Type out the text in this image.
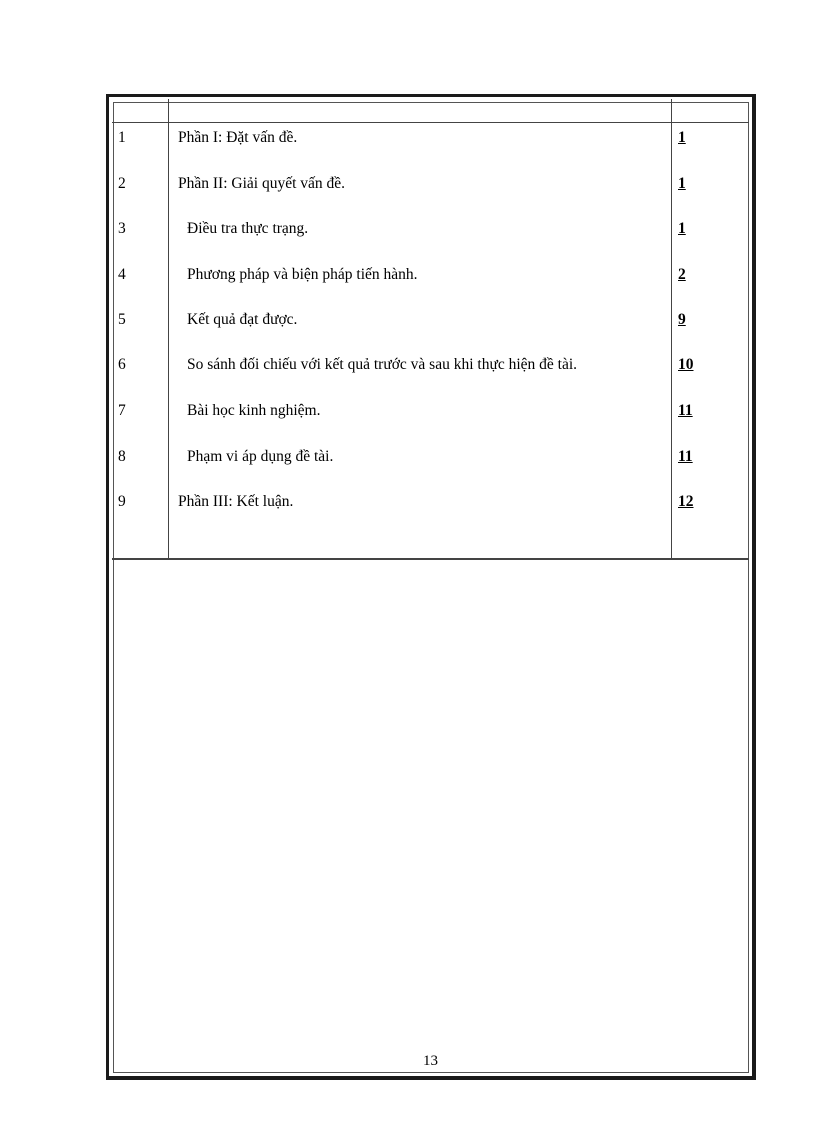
1	Phần I: Đặt vấn đề.	1
2	Phần II: Giải quyết vấn đề.	1
3	Điều tra thực trạng.	1
4	Phương pháp và biện pháp tiến hành.	2
5	Kết quả đạt được.	9
6	So sánh đối chiếu với kết quả trước và sau khi thực hiện đề tài.	10
7	Bài học kinh nghiệm.	11
8	Phạm vi áp dụng đề tài.	11
9	Phần III: Kết luận.	12
13
